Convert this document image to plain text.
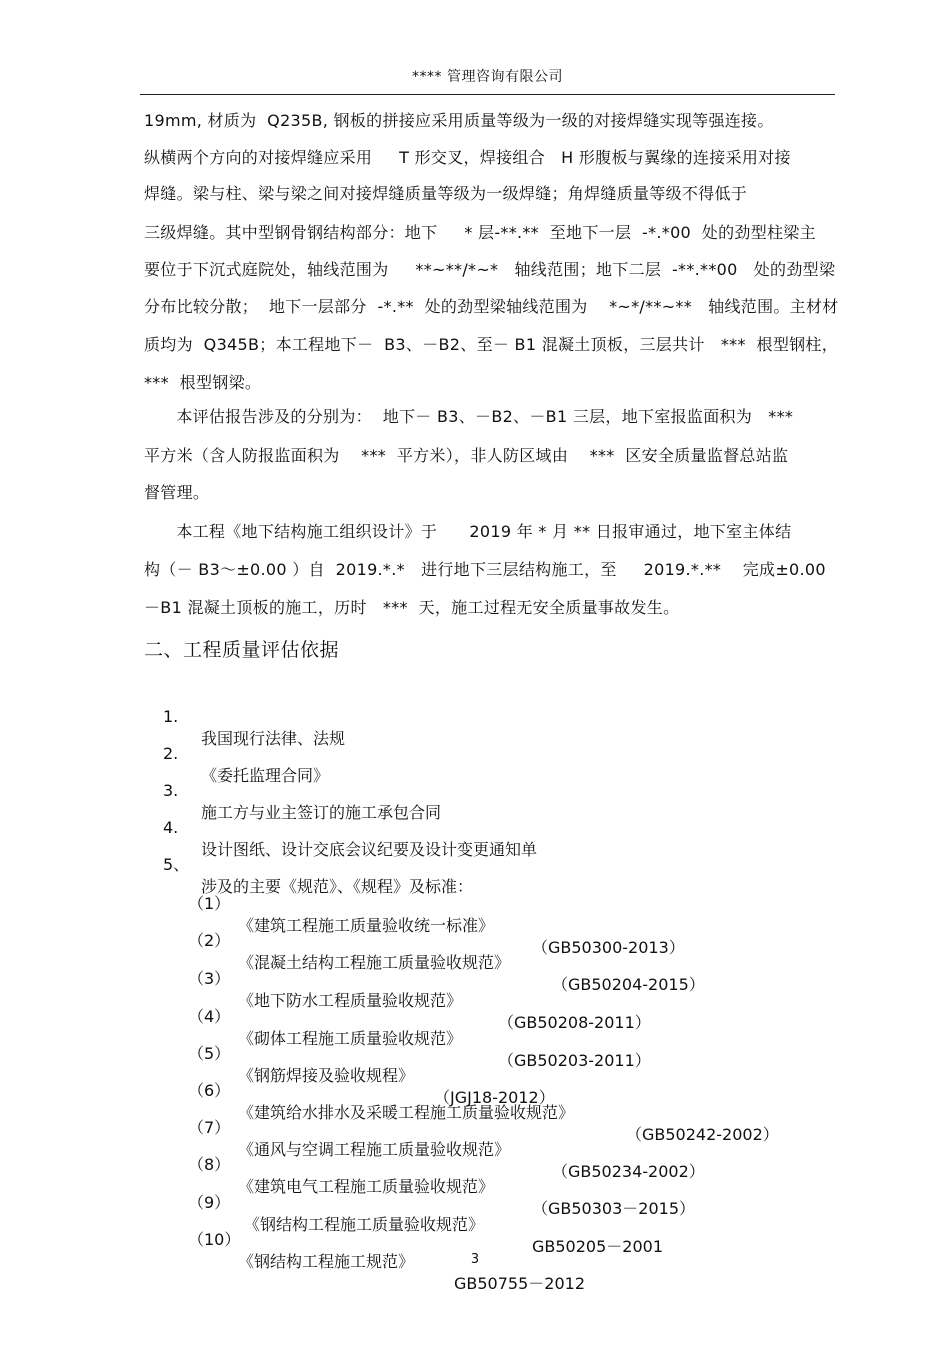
**** 管理咨询有限公司
19mm, 材质为  Q235B, 钢板的拼接应采用质量等级为一级的对接焊缝实现等强连接。
纵横两个方向的对接焊缝应采用     T 形交叉，焊接组合   H 形腹板与翼缘的连接采用对接
焊缝。梁与柱、梁与梁之间对接焊缝质量等级为一级焊缝；角焊缝质量等级不得低于
三级焊缝。其中型钢骨钢结构部分：地下     * 层-**.**  至地下一层  -*.*00  处的劲型柱梁主
要位于下沉式庭院处，轴线范围为     **~**/*~*   轴线范围；地下二层  -**.**00   处的劲型梁
分布比较分散；  地下一层部分  -*.**  处的劲型梁轴线范围为    *~*/**~**   轴线范围。主材材
质均为  Q345B；本工程地下－  B3、－B2、至－ B1 混凝土顶板，三层共计   ***  根型钢柱，
***  根型钢梁。
本评估报告涉及的分别为：  地下－ B3、－B2、－B1 三层，地下室报监面积为   ***
平方米（含人防报监面积为    ***  平方米），非人防区域由    ***  区安全质量监督总站监
督管理。
本工程《地下结构施工组织设计》于      2019 年 * 月 ** 日报审通过，地下室主体结
构（－ B3～±0.00 ）自  2019.*.*   进行地下三层结构施工，至     2019.*.**    完成±0.00
－B1 混凝土顶板的施工，历时   ***  天，施工过程无安全质量事故发生。
二、工程质量评估依据

1.

我国现行法律、法规

2.

《委托监理合同》

3.

施工方与业主签订的施工承包合同

4.

设计图纸、设计交底会议纪要及设计变更通知单

5、

涉及的主要《规范》、《规程》及标准：

（1）

《建筑工程施工质量验收统一标准》

（GB50300-2013）

（2）

《混凝土结构工程施工质量验收规范》

（GB50204-2015）

（3）

《地下防水工程质量验收规范》

（GB50208-2011）

（4）

《砌体工程施工质量验收规范》

（GB50203-2011）

（5）

《钢筋焊接及验收规程》

（JGJ18-2012）

（6）

《建筑给水排水及采暖工程施工质量验收规范》

（GB50242-2002）

（7）

《通风与空调工程施工质量验收规范》

（GB50234-2002）

（8）

《建筑电气工程施工质量验收规范》

（GB50303－2015）

（9）

《钢结构工程施工质量验收规范》

GB50205－2001

（10）

《钢结构工程施工规范》

GB50755－2012

3
